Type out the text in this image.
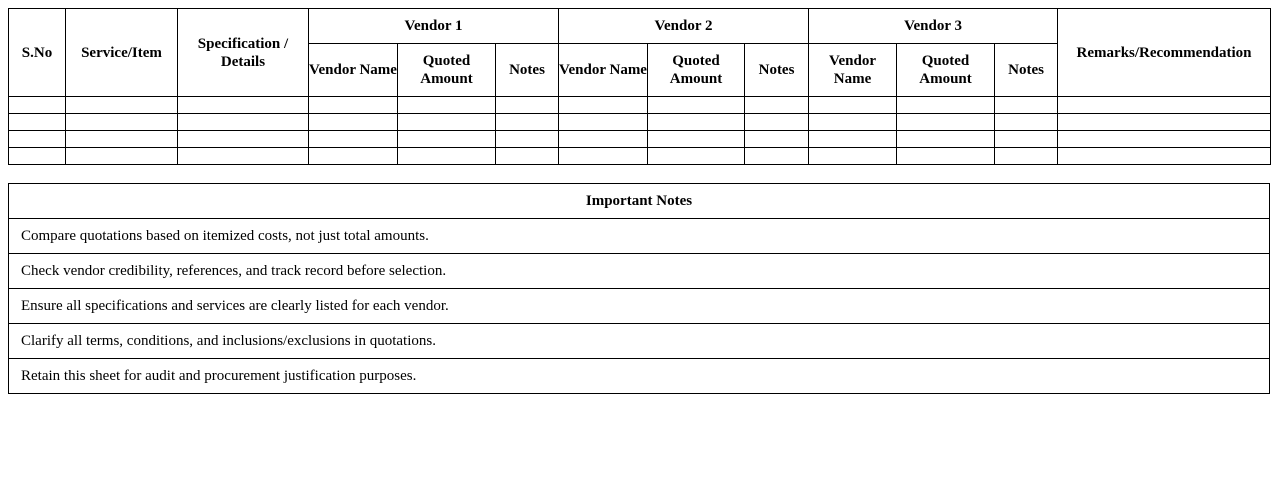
S.No	Service/Item	Specification / Details	Vendor 1			Vendor 2			Vendor 3			Remarks/Recommendation
			Vendor Name	Quoted Amount	Notes	Vendor Name	Quoted Amount	Notes	Vendor Name	Quoted Amount	Notes	

Important Notes
Compare quotations based on itemized costs, not just total amounts.
Check vendor credibility, references, and track record before selection.
Ensure all specifications and services are clearly listed for each vendor.
Clarify all terms, conditions, and inclusions/exclusions in quotations.
Retain this sheet for audit and procurement justification purposes.
